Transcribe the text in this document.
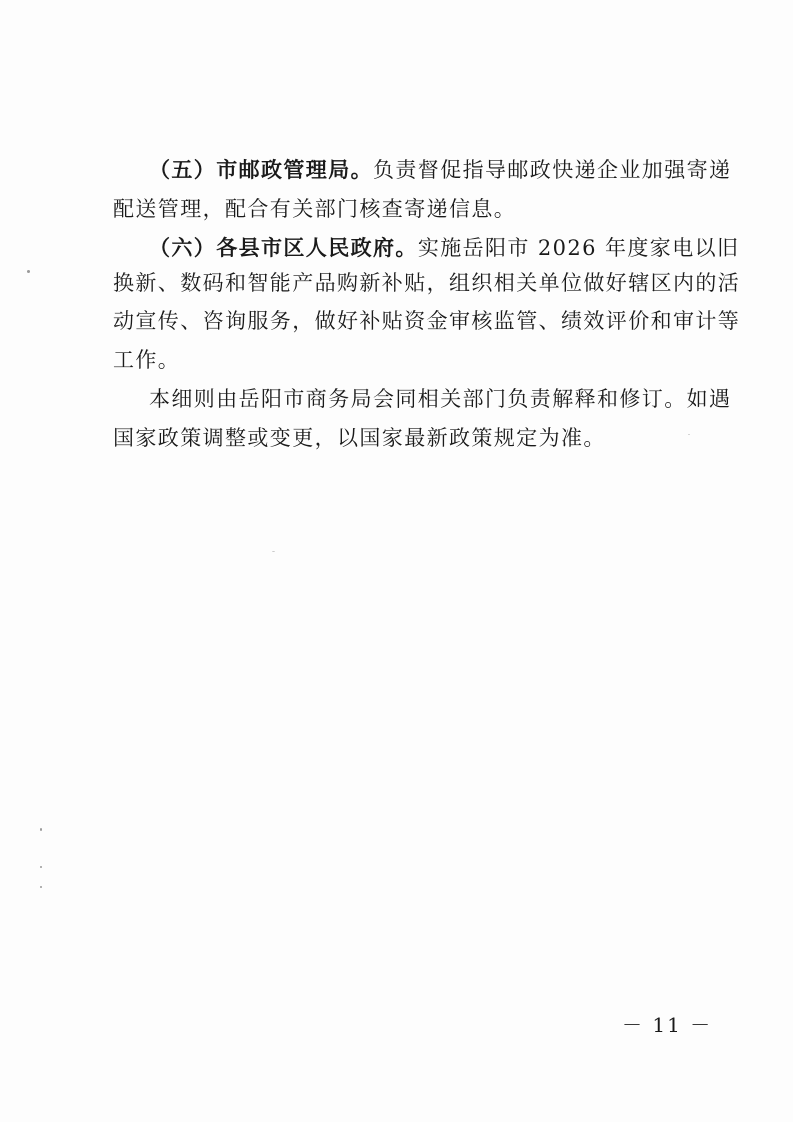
（五）市邮政管理局。负责督促指导邮政快递企业加强寄递
配送管理，配合有关部门核查寄递信息。
（六）各县市区人民政府。实施岳阳市 2026 年度家电以旧
换新、数码和智能产品购新补贴，组织相关单位做好辖区内的活
动宣传、咨询服务，做好补贴资金审核监管、绩效评价和审计等
工作。
本细则由岳阳市商务局会同相关部门负责解释和修订。如遇
国家政策调整或变更，以国家最新政策规定为准。
－ 11 －
